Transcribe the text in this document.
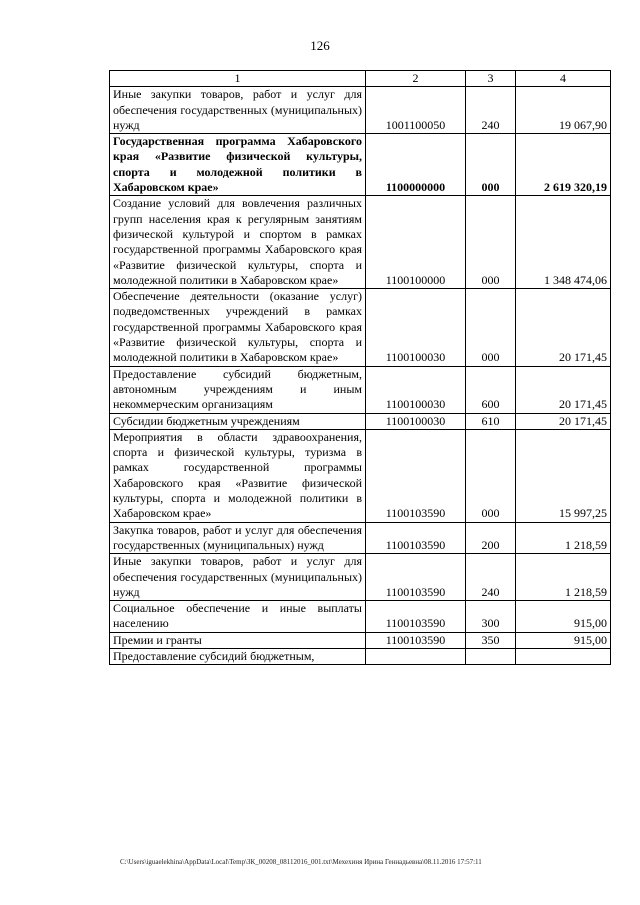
126
1	2	3	4
Иные закупки товаров, работ и услуг для обеспечения государственных (муниципальных) нужд	1001100050	240	19 067,90
Государственная программа Хабаровского края «Развитие физической культуры, спорта и молодежной политики в Хабаровском крае»	1100000000	000	2 619 320,19
Создание условий для вовлечения различных групп населения края к регулярным занятиям физической культурой и спортом в рамках государственной программы Хабаровского края «Развитие физической культуры, спорта и молодежной политики в Хабаровском крае»	1100100000	000	1 348 474,06
Обеспечение деятельности (оказание услуг) подведомственных учреждений в рамках государственной программы Хабаровского края «Развитие физической культуры, спорта и молодежной политики в Хабаровском крае»	1100100030	000	20 171,45
Предоставление субсидий бюджетным, автономным учреждениям и иным некоммерческим организациям	1100100030	600	20 171,45
Субсидии бюджетным учреждениям	1100100030	610	20 171,45
Мероприятия в области здравоохранения, спорта и физической культуры, туризма в рамках государственной программы Хабаровского края «Развитие физической культуры, спорта и молодежной политики в Хабаровском крае»	1100103590	000	15 997,25
Закупка товаров, работ и услуг для обеспечения государственных (муниципальных) нужд	1100103590	200	1 218,59
Иные закупки товаров, работ и услуг для обеспечения государственных (муниципальных) нужд	1100103590	240	1 218,59
Социальное обеспечение и иные выплаты населению	1100103590	300	915,00
Премии и гранты	1100103590	350	915,00
Предоставление субсидий бюджетным,			
C:\Users\iguaelekhina\AppData\Local\Temp\ЗК_00208_08112016_001.txt\Мехеxиня Ирина Геннадьевна\08.11.2016 17:57:11
